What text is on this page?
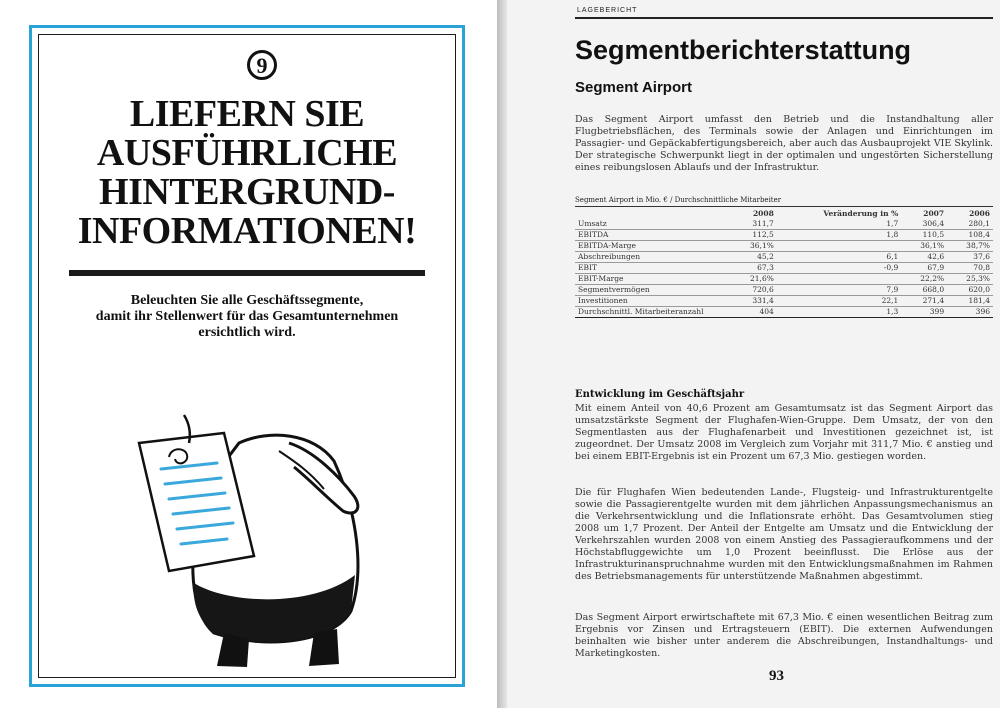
9
LIEFERN SIE
AUSFÜHRLICHE
HINTERGRUND-
INFORMATIONEN!
Beleuchten Sie alle Geschäftssegmente,
damit ihr Stellenwert für das Gesamtunternehmen
ersichtlich wird.
LAGEBERICHT
Segmentberichterstattung
Segment Airport
Das Segment Airport umfasst den Betrieb und die Instandhaltung aller Flugbetriebsflächen, des Terminals sowie der Anlagen und Einrichtungen im Passagier- und Gepäckabfertigungsbereich, aber auch das Ausbauprojekt VIE Skylink. Der strategische Schwerpunkt liegt in der optimalen und ungestörten Sicherstellung eines reibungslosen Ablaufs und der Infrastruktur.
Segment Airport in Mio. € / Durchschnittliche Mitarbeiter
	2008	Veränderung in %	2007	2006
Umsatz	311,7	1,7	306,4	280,1
EBITDA	112,5	1,8	110,5	108,4
EBITDA-Marge	36,1%		36,1%	38,7%
Abschreibungen	45,2	6,1	42,6	37,6
EBIT	67,3	-0,9	67,9	70,8
EBIT-Marge	21,6%		22,2%	25,3%
Segmentvermögen	720,6	7,9	668,0	620,0
Investitionen	331,4	22,1	271,4	181,4
Durchschnittl. Mitarbeiteranzahl	404	1,3	399	396
Entwicklung im Geschäftsjahr
Mit einem Anteil von 40,6 Prozent am Gesamtumsatz ist das Segment Airport das umsatzstärkste Segment der Flughafen-Wien-Gruppe. Dem Umsatz, der von den Segmentlasten aus der Flughafenarbeit und Investitionen gezeichnet ist, ist zugeordnet. Der Umsatz 2008 im Vergleich zum Vorjahr mit 311,7 Mio. € anstieg und bei einem EBIT-Ergebnis ist ein Prozent um 67,3 Mio. gestiegen worden.
Die für Flughafen Wien bedeutenden Lande-, Flugsteig- und Infrastrukturentgelte sowie die Passagierentgelte wurden mit dem jährlichen Anpassungsmechanismus an die Verkehrsentwicklung und die Inflationsrate erhöht. Das Gesamtvolumen stieg 2008 um 1,7 Prozent. Der Anteil der Entgelte am Umsatz und die Entwicklung der Verkehrszahlen wurden 2008 von einem Anstieg des Passagieraufkommens und der Höchstabfluggewichte um 1,0 Prozent beeinflusst. Die Erlöse aus der Infrastrukturinanspruchnahme wurden mit den Entwicklungsmaßnahmen im Rahmen des Betriebsmanagements für unterstützende Maßnahmen abgestimmt.
Das Segment Airport erwirtschaftete mit 67,3 Mio. € einen wesentlichen Beitrag zum Ergebnis vor Zinsen und Ertragsteuern (EBIT). Die externen Aufwendungen beinhalten wie bisher unter anderem die Abschreibungen, Instandhaltungs- und Marketingkosten.
93
